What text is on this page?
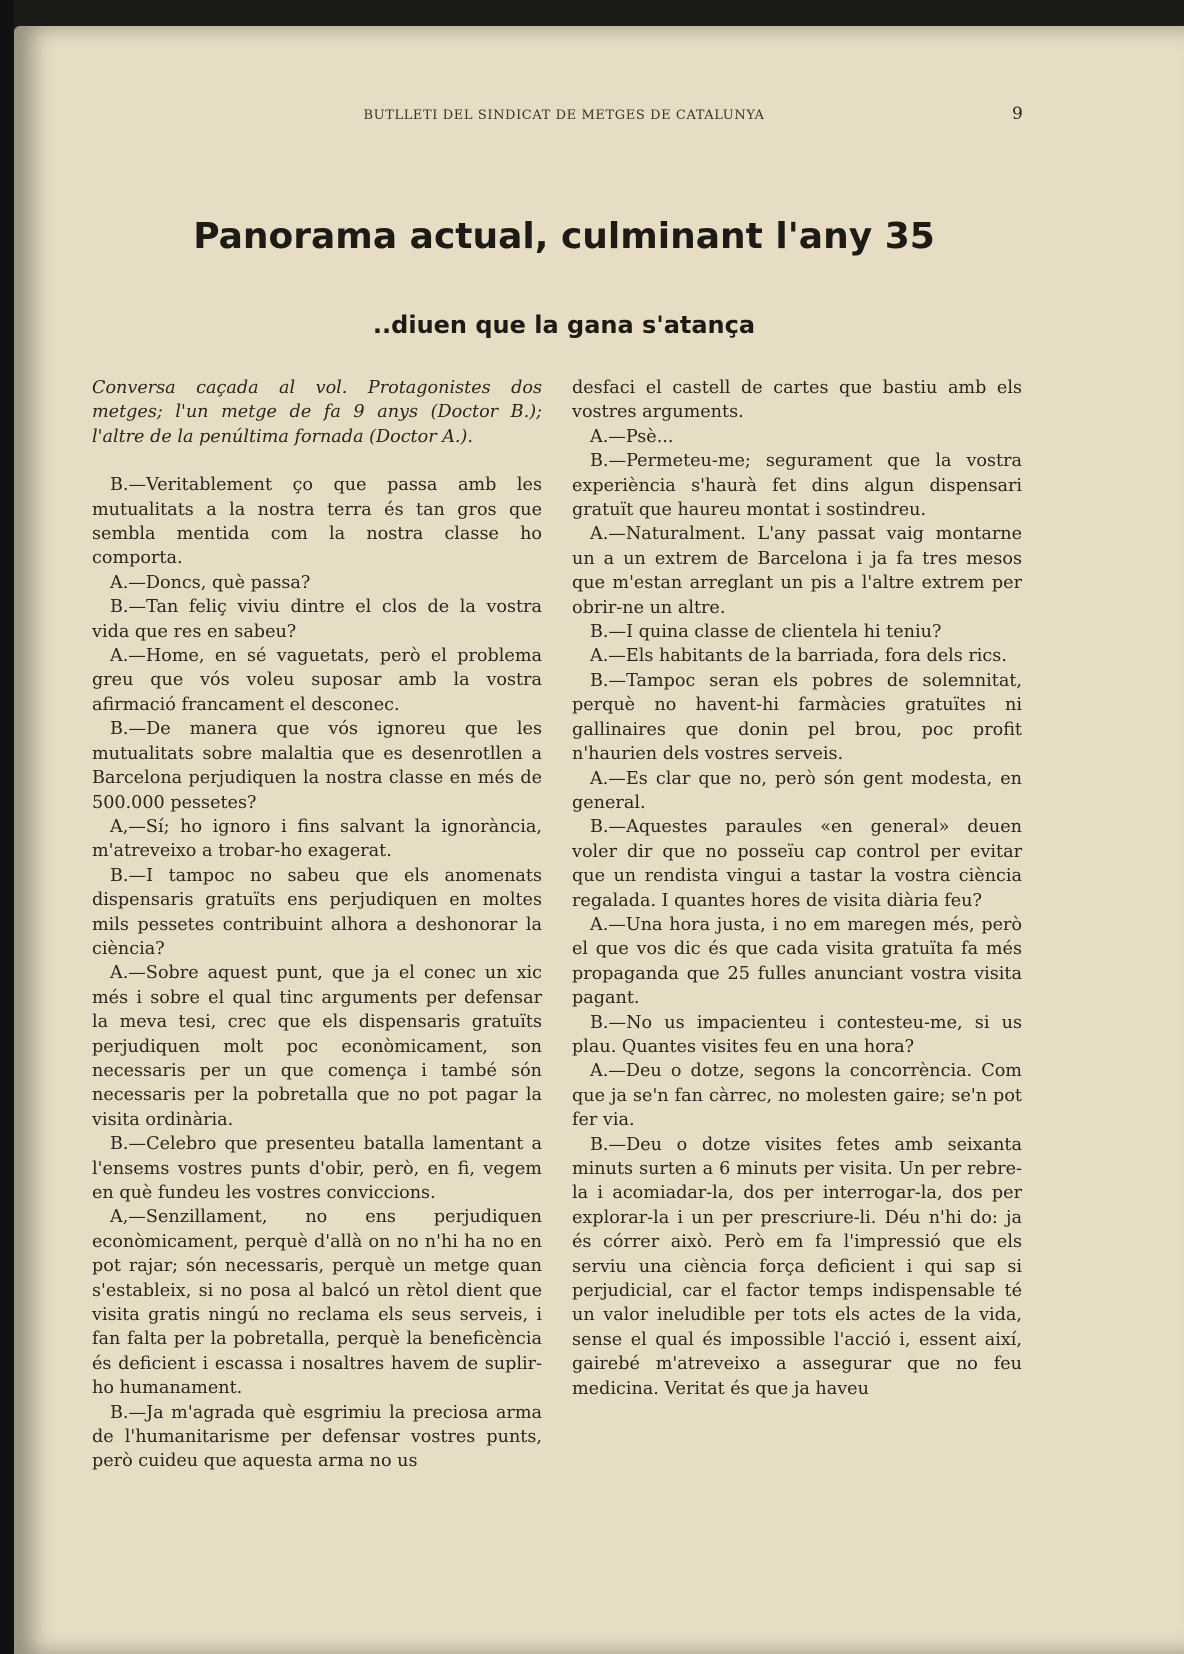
BUTLLETI DEL SINDICAT DE METGES DE CATALUNYA	9
Panorama actual, culminant l'any 35
..diuen que la gana s'atança

Conversa caçada al vol. Protagonistes dos metges; l'un metge de fa 9 anys (Doctor B.); l'altre de la penúltima fornada (Doctor A.).

B.—Veritablement ço que passa amb les mutualitats a la nostra terra és tan gros que sembla mentida com la nostra classe ho comporta.

A.—Doncs, què passa?

B.—Tan feliç viviu dintre el clos de la vostra vida que res en sabeu?

A.—Home, en sé vaguetats, però el problema greu que vós voleu suposar amb la vostra afirmació francament el desconec.

B.—De manera que vós ignoreu que les mutualitats sobre malaltia que es desenrotllen a Barcelona perjudiquen la nostra classe en més de 500.000 pessetes?

A,—Sí; ho ignoro i fins salvant la ignorància, m'atreveixo a trobar-ho exagerat.

B.—I tampoc no sabeu que els anomenats dispensaris gratuïts ens perjudiquen en moltes mils pessetes contribuint alhora a deshonorar la ciència?

A.—Sobre aquest punt, que ja el conec un xic més i sobre el qual tinc arguments per defensar la meva tesi, crec que els dispensaris gratuïts perjudiquen molt poc econòmicament, son necessaris per un que comença i també són necessaris per la pobretalla que no pot pagar la visita ordinària.

B.—Celebro que presenteu batalla lamentant a l'ensems vostres punts d'obir, però, en fi, vegem en què fundeu les vostres conviccions.

A,—Senzillament, no ens perjudiquen econòmicament, perquè d'allà on no n'hi ha no en pot rajar; són necessaris, perquè un metge quan s'estableix, si no posa al balcó un rètol dient que visita gratis ningú no reclama els seus serveis, i fan falta per la pobretalla, perquè la beneficència és deficient i escassa i nosaltres havem de suplir-ho humanament.

B.—Ja m'agrada què esgrimiu la preciosa arma de l'humanitarisme per defensar vostres punts, però cuideu que aquesta arma no us

desfaci el castell de cartes que bastiu amb els vostres arguments.

A.—Psè...

B.—Permeteu-me; segurament que la vostra experiència s'haurà fet dins algun dispensari gratuït que haureu montat i sostindreu.

A.—Naturalment. L'any passat vaig montarne un a un extrem de Barcelona i ja fa tres mesos que m'estan arreglant un pis a l'altre extrem per obrir-ne un altre.

B.—I quina classe de clientela hi teniu?

A.—Els habitants de la barriada, fora dels rics.

B.—Tampoc seran els pobres de solemnitat, perquè no havent-hi farmàcies gratuïtes ni gallinaires que donin pel brou, poc profit n'haurien dels vostres serveis.

A.—Es clar que no, però són gent modesta, en general.

B.—Aquestes paraules «en general» deuen voler dir que no posseïu cap control per evitar que un rendista vingui a tastar la vostra ciència regalada. I quantes hores de visita diària feu?

A.—Una hora justa, i no em maregen més, però el que vos dic és que cada visita gratuïta fa més propaganda que 25 fulles anunciant vostra visita pagant.

B.—No us impacienteu i contesteu-me, si us plau. Quantes visites feu en una hora?

A.—Deu o dotze, segons la concorrència. Com que ja se'n fan càrrec, no molesten gaire; se'n pot fer via.

B.—Deu o dotze visites fetes amb seixanta minuts surten a 6 minuts per visita. Un per rebre-la i acomiadar-la, dos per interrogar-la, dos per explorar-la i un per prescriure-li. Déu n'hi do: ja és córrer això. Però em fa l'impressió que els serviu una ciència força deficient i qui sap si perjudicial, car el factor temps indispensable té un valor ineludible per tots els actes de la vida, sense el qual és impossible l'acció i, essent així, gairebé m'atreveixo a assegurar que no feu medicina. Veritat és que ja haveu
